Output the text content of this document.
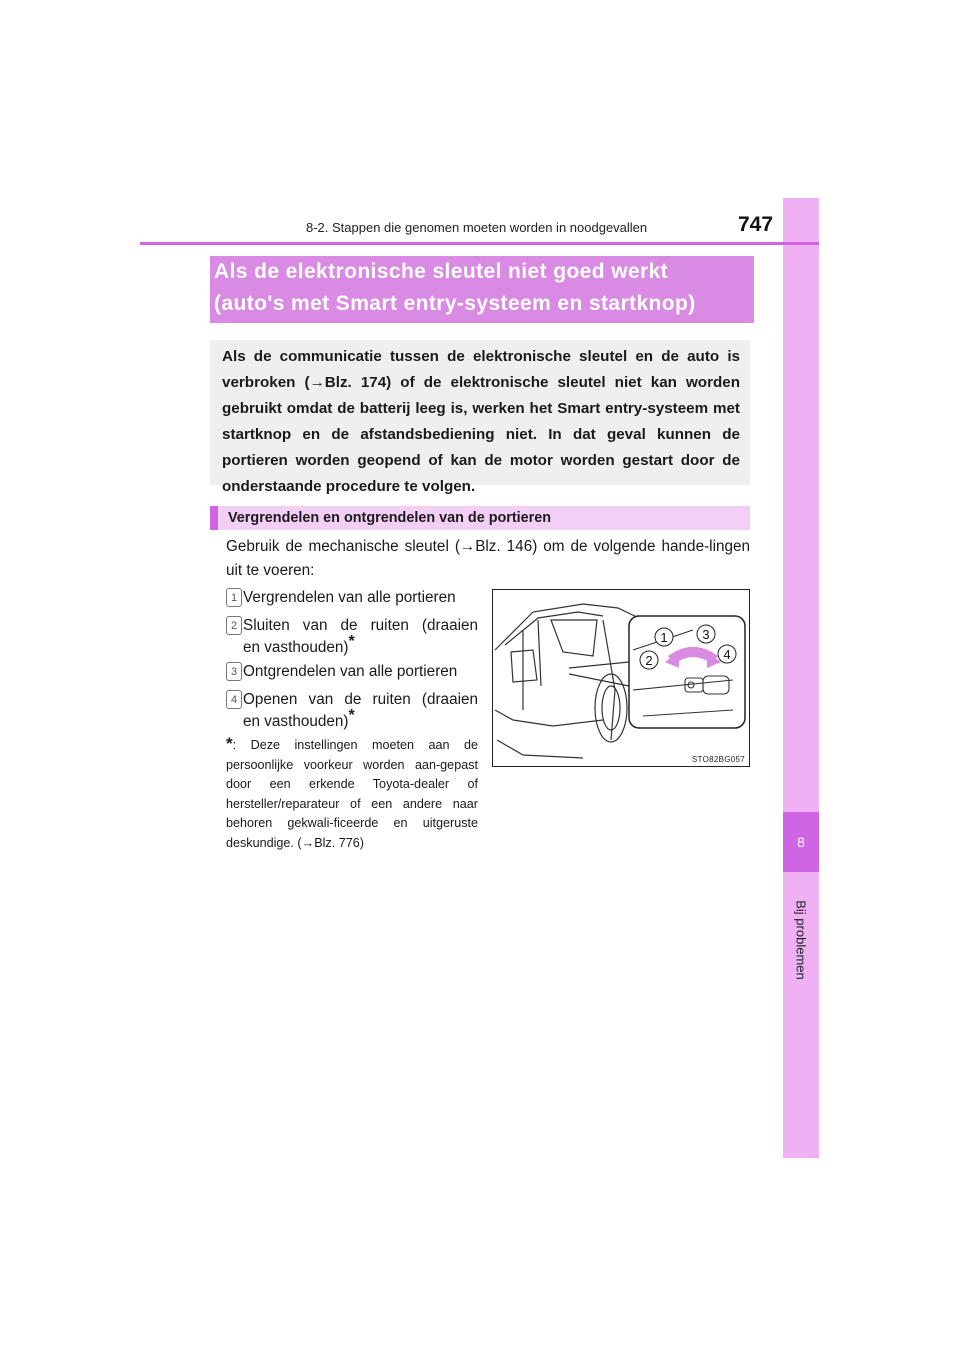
8
Bij problemen
8-2. Stappen die genomen moeten worden in noodgevallen	747
Als de elektronische sleutel niet goed werkt
(auto's met Smart entry-systeem en startknop)
Als de communicatie tussen de elektronische sleutel en de auto is verbroken (→Blz. 174) of de elektronische sleutel niet kan worden gebruikt omdat de batterij leeg is, werken het Smart entry-systeem met startknop en de afstandsbediening niet. In dat geval kunnen de portieren worden geopend of kan de motor worden gestart door de onderstaande procedure te volgen.
Vergrendelen en ontgrendelen van de portieren
Gebruik de mechanische sleutel (→Blz. 146) om de volgende hande-lingen uit te voeren:
1 Vergrendelen van alle portieren
2 Sluiten van de ruiten (draaien
en vasthouden)*
3 Ontgrendelen van alle portieren
4 Openen van de ruiten (draaien
en vasthouden)*
*: Deze instellingen moeten aan de persoonlijke voorkeur worden aan-gepast door een erkende Toyota-dealer of hersteller/reparateur of een andere naar behoren gekwali-ficeerde en uitgeruste deskundige. (→Blz. 776)
1	3
2	4
STO82BG057
